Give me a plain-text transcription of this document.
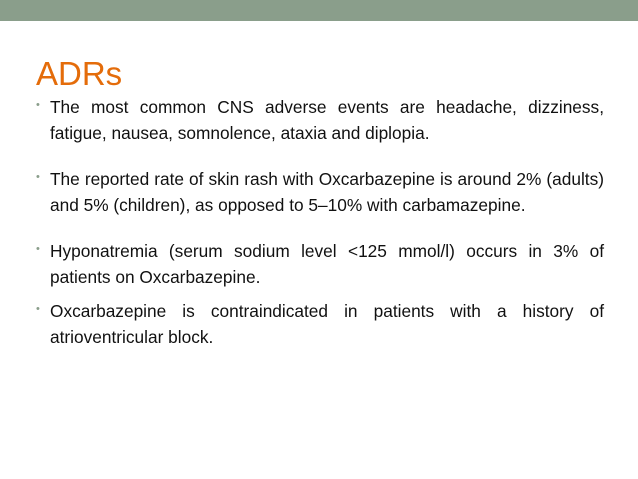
ADRs
• The most common CNS adverse events are headache, dizziness, fatigue, nausea, somnolence, ataxia and diplopia.
• The reported rate of skin rash with Oxcarbazepine is around 2% (adults) and 5% (children), as opposed to 5–10% with carbamazepine.
• Hyponatremia (serum sodium level <125 mmol/l) occurs in 3% of patients on Oxcarbazepine.
• Oxcarbazepine is contraindicated in patients with a history of atrioventricular block.
